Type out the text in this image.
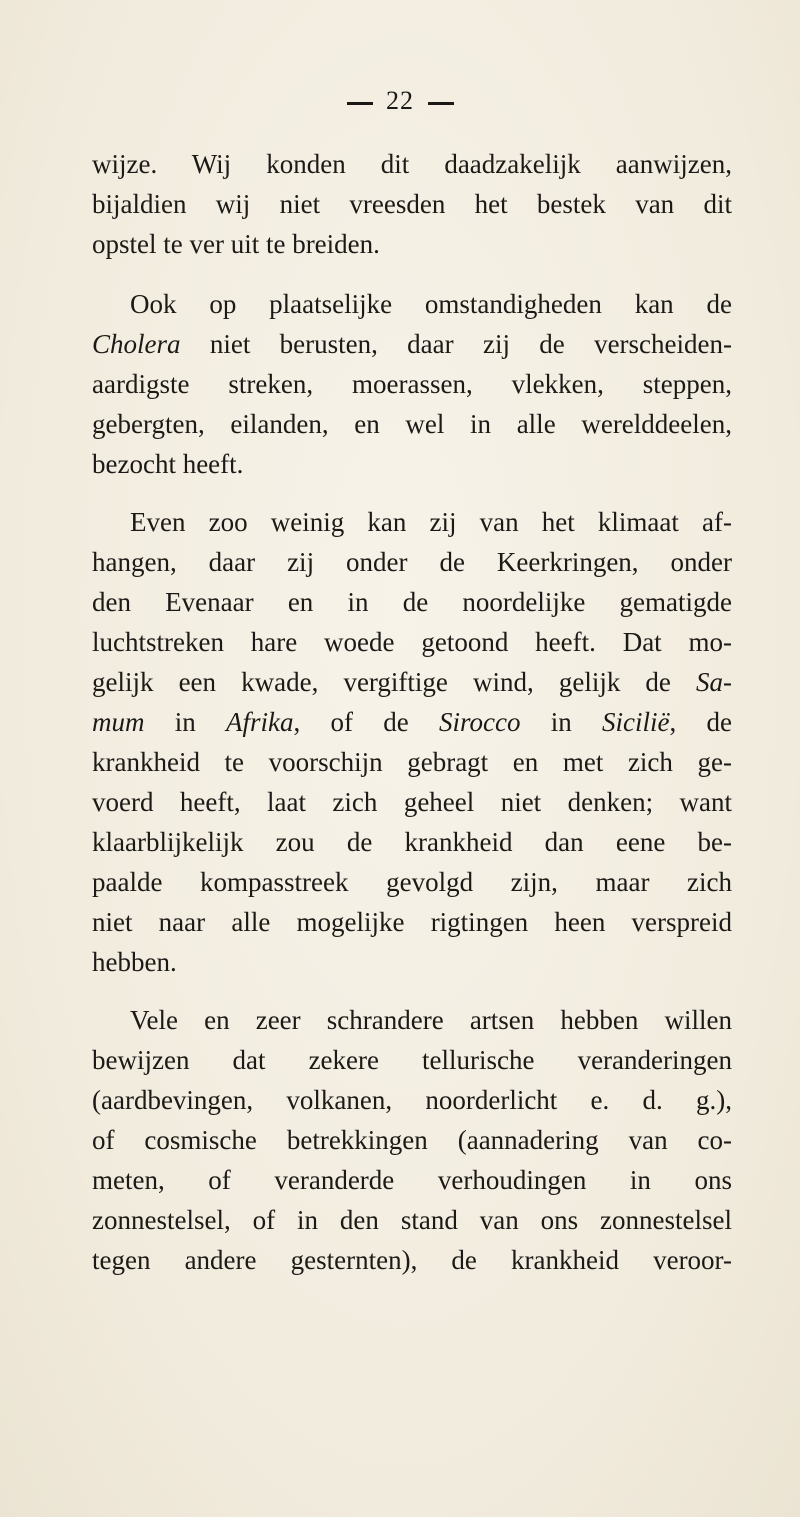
22
wijze. Wij konden dit daadzakelijk aanwijzen,
bijaldien wij niet vreesden het bestek van dit
opstel te ver uit te breiden.
Ook op plaatselijke omstandigheden kan de
Cholera niet berusten, daar zij de verscheiden-
aardigste streken, moerassen, vlekken, steppen,
gebergten, eilanden, en wel in alle werelddeelen,
bezocht heeft.
Even zoo weinig kan zij van het klimaat af-
hangen, daar zij onder de Keerkringen, onder
den Evenaar en in de noordelijke gematigde
luchtstreken hare woede getoond heeft. Dat mo-
gelijk een kwade, vergiftige wind, gelijk de Sa-
mum in Afrika, of de Sirocco in Sicilië, de
krankheid te voorschijn gebragt en met zich ge-
voerd heeft, laat zich geheel niet denken; want
klaarblijkelijk zou de krankheid dan eene be-
paalde kompasstreek gevolgd zijn, maar zich
niet naar alle mogelijke rigtingen heen verspreid
hebben.
Vele en zeer schrandere artsen hebben willen
bewijzen dat zekere tellurische veranderingen
(aardbevingen, volkanen, noorderlicht e. d. g.),
of cosmische betrekkingen (aannadering van co-
meten, of veranderde verhoudingen in ons
zonnestelsel, of in den stand van ons zonnestelsel
tegen andere gesternten), de krankheid veroor-
